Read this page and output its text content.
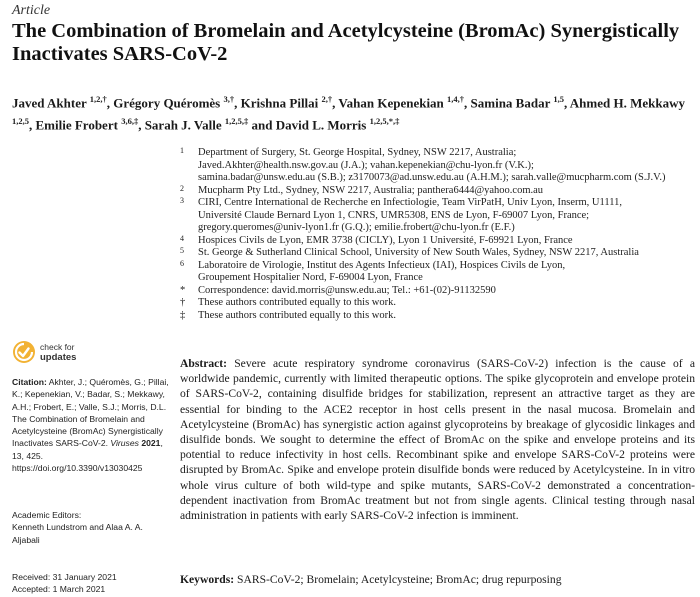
Article
The Combination of Bromelain and Acetylcysteine (BromAc) Synergistically Inactivates SARS-CoV-2
Javed Akhter $^{1,2,\dagger}$, Grégory Quéromès $^{3,\dagger}$, Krishna Pillai $^{2,\dagger}$, Vahan Kepenekian $^{1,4,\dagger}$, Samina Badar $^{1,5}$, Ahmed H. Mekkawy $^{1,2,5}$, Emilie Frobert $^{3,6,\ddagger}$, Sarah J. Valle $^{1,2,5,\ddagger}$ and David L. Morris $^{1,2,5,*,\ddagger}$
1 Department of Surgery, St. George Hospital, Sydney, NSW 2217, Australia;
Javed.Akhter@health.nsw.gov.au (J.A.); vahan.kepenekian@chu-lyon.fr (V.K.);
samina.badar@unsw.edu.au (S.B.); z3170073@ad.unsw.edu.au (A.H.M.); sarah.valle@mucpharm.com (S.J.V.)
2 Mucpharm Pty Ltd., Sydney, NSW 2217, Australia; panthera6444@yahoo.com.au
3 CIRI, Centre International de Recherche en Infectiologie, Team VirPatH, Univ Lyon, Inserm, U1111,
Université Claude Bernard Lyon 1, CNRS, UMR5308, ENS de Lyon, F-69007 Lyon, France;
gregory.queromes@univ-lyon1.fr (G.Q.); emilie.frobert@chu-lyon.fr (E.F.)
4 Hospices Civils de Lyon, EMR 3738 (CICLY), Lyon 1 Université, F-69921 Lyon, France
5 St. George & Sutherland Clinical School, University of New South Wales, Sydney, NSW 2217, Australia
6 Laboratoire de Virologie, Institut des Agents Infectieux (IAI), Hospices Civils de Lyon,
Groupement Hospitalier Nord, F-69004 Lyon, France
* Correspondence: david.morris@unsw.edu.au; Tel.: +61-(02)-91132590
† These authors contributed equally to this work.
‡ These authors contributed equally to this work.
check for
updates
Citation: Akhter, J.; Quéromès, G.; Pillai, K.; Kepenekian, V.; Badar, S.; Mekkawy, A.H.; Frobert, E.; Valle, S.J.; Morris, D.L. The Combination of Bromelain and Acetylcysteine (BromAc) Synergistically Inactivates SARS-CoV-2. Viruses 2021, 13, 425. https://doi.org/10.3390/v13030425
Academic Editors:
Kenneth Lundstrom and Alaa A. A. Aljabali
Received: 31 January 2021
Accepted: 1 March 2021
Abstract: Severe acute respiratory syndrome coronavirus (SARS-CoV-2) infection is the cause of a worldwide pandemic, currently with limited therapeutic options. The spike glycoprotein and envelope protein of SARS-CoV-2, containing disulfide bridges for stabilization, represent an attractive target as they are essential for binding to the ACE2 receptor in host cells present in the nasal mucosa. Bromelain and Acetylcysteine (BromAc) has synergistic action against glycoproteins by breakage of glycosidic linkages and disulfide bonds. We sought to determine the effect of BromAc on the spike and envelope proteins and its potential to reduce infectivity in host cells. Recombinant spike and envelope SARS-CoV-2 proteins were disrupted by BromAc. Spike and envelope protein disulfide bonds were reduced by Acetylcysteine. In in vitro whole virus culture of both wild-type and spike mutants, SARS-CoV-2 demonstrated a concentration-dependent inactivation from BromAc treatment but not from single agents. Clinical testing through nasal administration in patients with early SARS-CoV-2 infection is imminent.
Keywords: SARS-CoV-2; Bromelain; Acetylcysteine; BromAc; drug repurposing
